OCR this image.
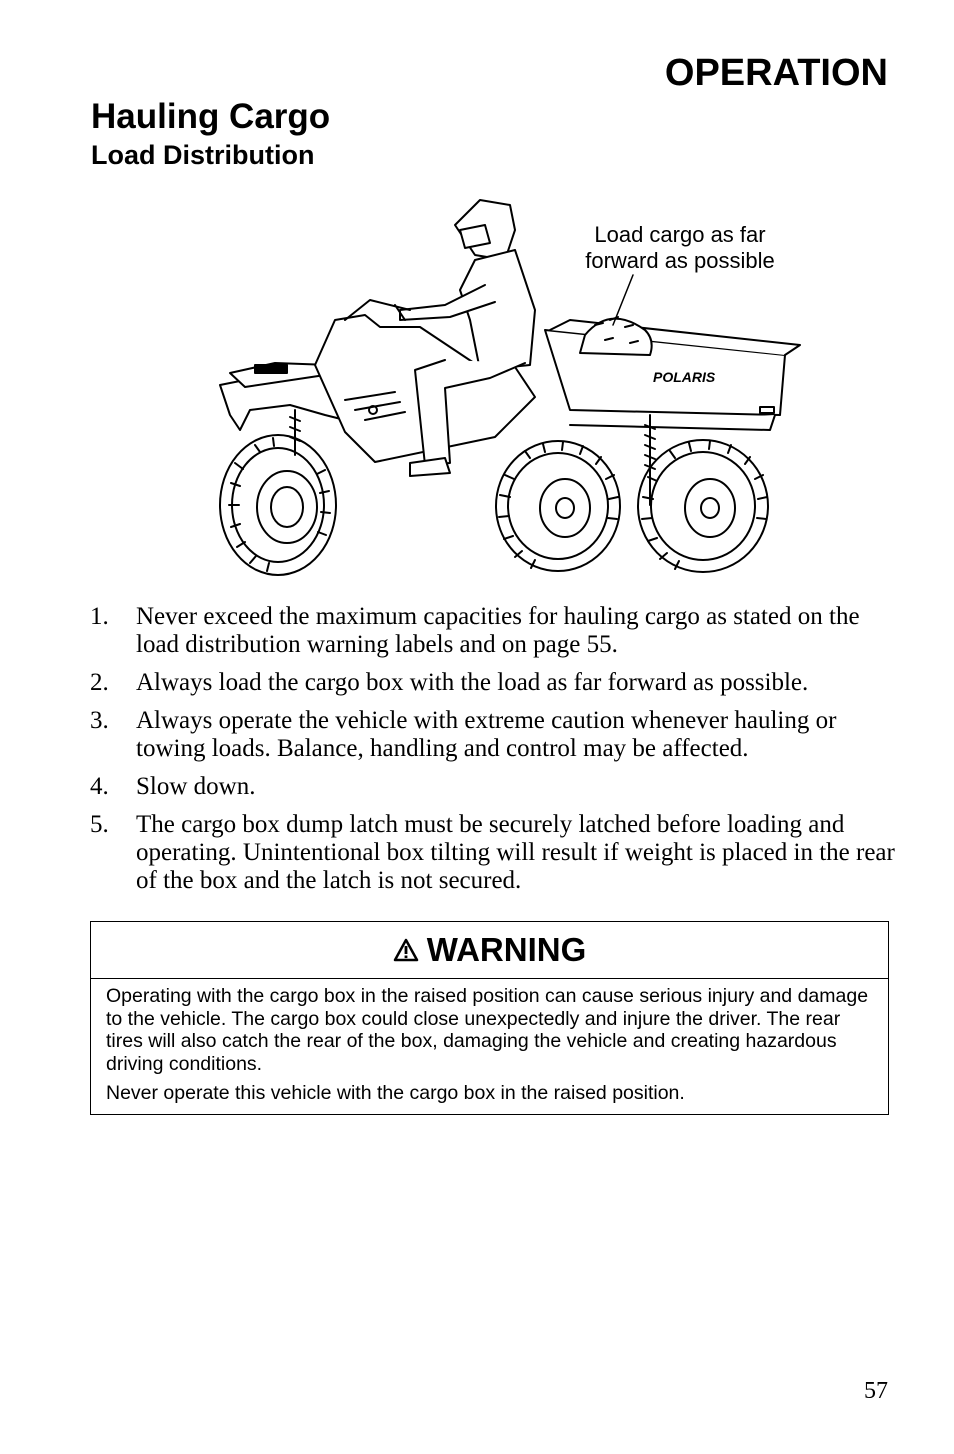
OPERATION
Hauling Cargo
Load Distribution
POLARIS
Load cargo as far
forward as possible
1. Never exceed the maximum capacities for hauling cargo as stated on the load distribution warning labels and on page 55.
2. Always load the cargo box with the load as far forward as possible.
3. Always operate the vehicle with extreme caution whenever hauling or towing loads. Balance, handling and control may be affected.
4. Slow down.
5. The cargo box dump latch must be securely latched before loading and operating. Unintentional box tilting will result if weight is placed in the rear of the box and the latch is not secured.
WARNING

Operating with the cargo box in the raised position can cause serious injury and damage to the vehicle. The cargo box could close unexpectedly and injure the driver. The rear tires will also catch the rear of the box, damaging the vehicle and creating hazardous driving conditions.

Never operate this vehicle with the cargo box in the raised position.

57
